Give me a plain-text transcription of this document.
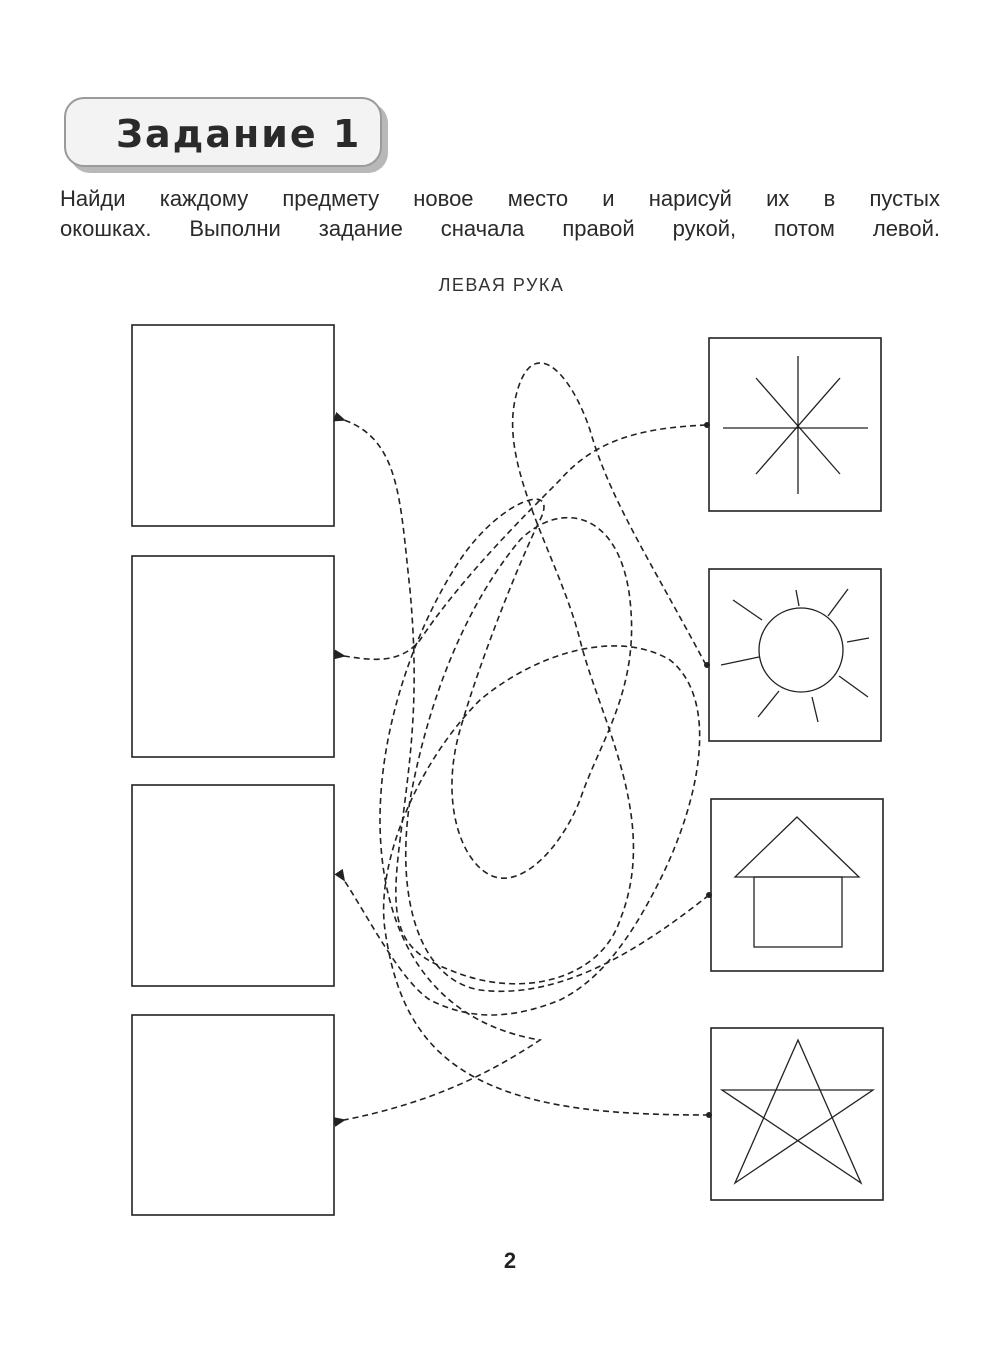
Задание 1

Найди каждому предмету новое место и нарисуй их в пустых

окошках. Выполни задание сначала правой рукой, потом левой.

ЛЕВАЯ РУКА
2
